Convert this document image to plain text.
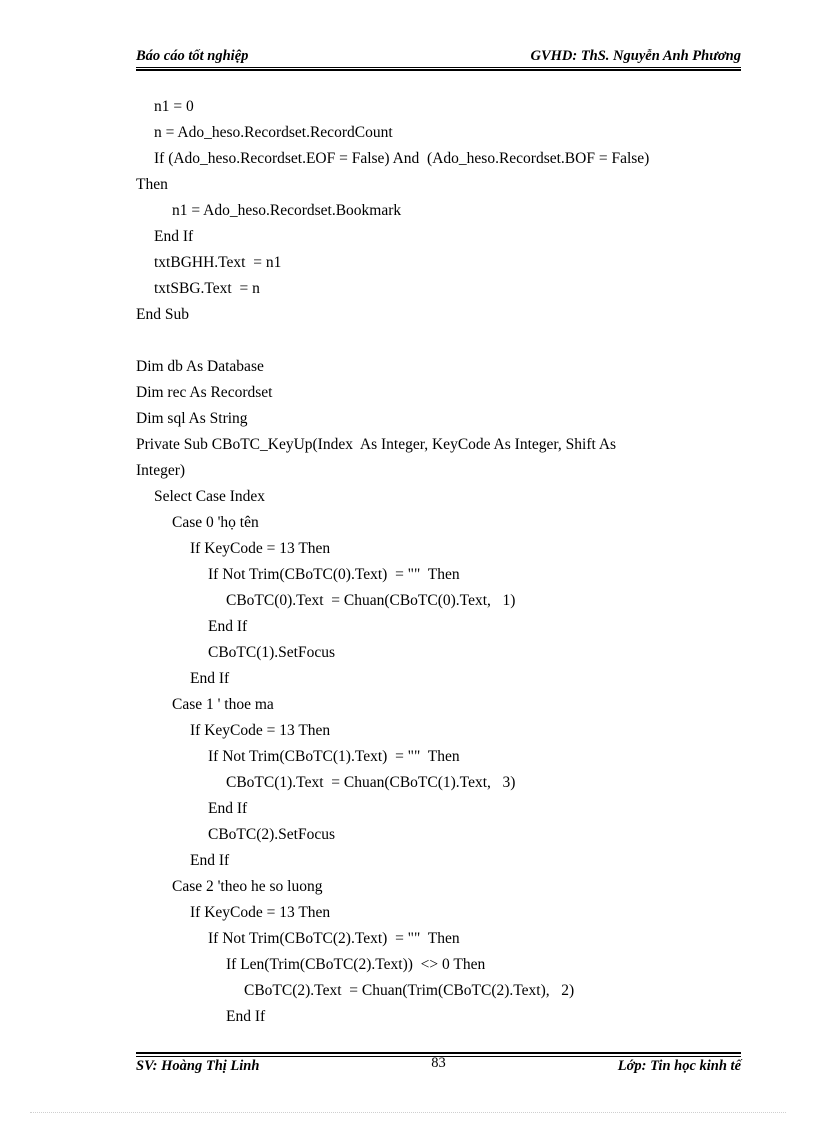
Báo cáo tốt nghiệp	GVHD: ThS. Nguyễn Anh Phương
n1 = 0
n = Ado_heso.Recordset.RecordCount
If (Ado_heso.Recordset.EOF = False) And  (Ado_heso.Recordset.BOF = False)
Then
n1 = Ado_heso.Recordset.Bookmark
End If
txtBGHH.Text  = n1
txtSBG.Text  = n
End Sub
Dim db As Database
Dim rec As Recordset
Dim sql As String
Private Sub CBoTC_KeyUp(Index  As Integer, KeyCode As Integer, Shift As
Integer)
Select Case Index
Case 0 'họ tên
If KeyCode = 13 Then
If Not Trim(CBoTC(0).Text)  = ""  Then
CBoTC(0).Text  = Chuan(CBoTC(0).Text,   1)
End If
CBoTC(1).SetFocus
End If
Case 1 ' thoe ma
If KeyCode = 13 Then
If Not Trim(CBoTC(1).Text)  = ""  Then
CBoTC(1).Text  = Chuan(CBoTC(1).Text,   3)
End If
CBoTC(2).SetFocus
End If
Case 2 'theo he so luong
If KeyCode = 13 Then
If Not Trim(CBoTC(2).Text)  = ""  Then
If Len(Trim(CBoTC(2).Text))  <> 0 Then
CBoTC(2).Text  = Chuan(Trim(CBoTC(2).Text),   2)
End If
SV: Hoàng Thị Linh	83	Lớp: Tin học kinh tế
